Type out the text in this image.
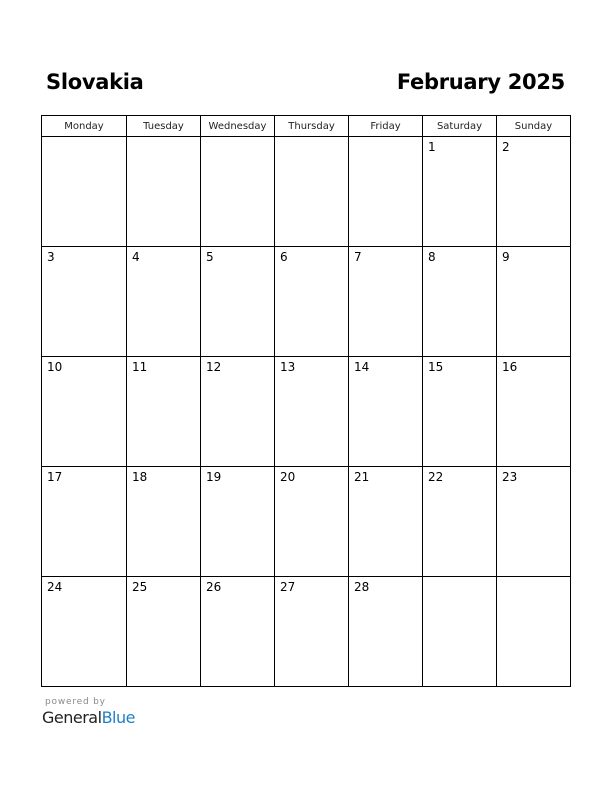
Slovakia	February 2025
Monday	Tuesday	Wednesday	Thursday	Friday	Saturday	Sunday

					1	2

3	4	5	6	7	8	9

10	11	12	13	14	15	16

17	18	19	20	21	22	23

24	25	26	27	28		

powered by
GeneralBlue
